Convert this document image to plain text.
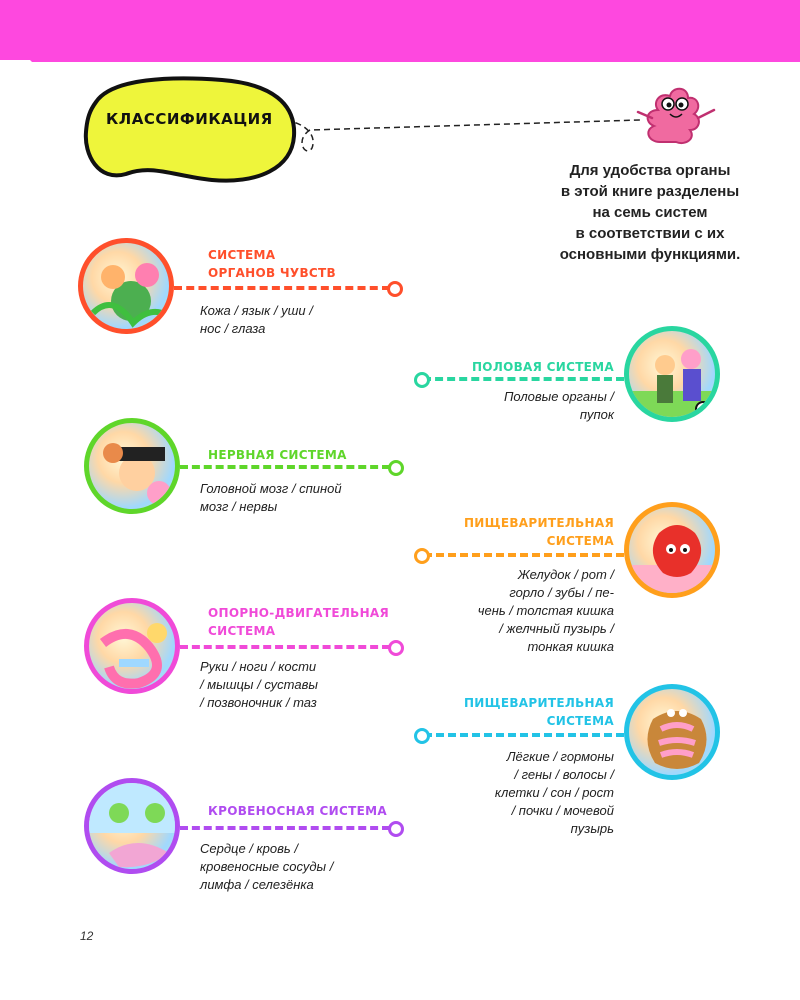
КЛАССИФИКАЦИЯ
Для удобства органы
в этой книге разделены
на семь систем
в соответствии с их
основными функциями.
СИСТЕМА
ОРГАНОВ ЧУВСТВ
Кожа / язык / уши /
нос / глаза
ПОЛОВАЯ СИСТЕМА
Половые органы /
пупок
НЕРВНАЯ СИСТЕМА
Головной мозг / спиной
мозг / нервы
ПИЩЕВАРИТЕЛЬНАЯ
СИСТЕМА
Желудок / рот /
горло / зубы / пе-
чень / толстая кишка
/ желчный пузырь /
тонкая кишка
ОПОРНО-ДВИГАТЕЛЬНАЯ
СИСТЕМА
Руки / ноги / кости
/ мышцы / суставы
/ позвоночник / таз	ПИЩЕВАРИТЕЛЬНАЯ
СИСТЕМА
Лёгкие / гормоны
/ гены / волосы /
клетки / сон / рост
/ почки / мочевой
пузырь
КРОВЕНОСНАЯ СИСТЕМА
Сердце / кровь /
кровеносные сосуды /
лимфа / селезёнка
12
